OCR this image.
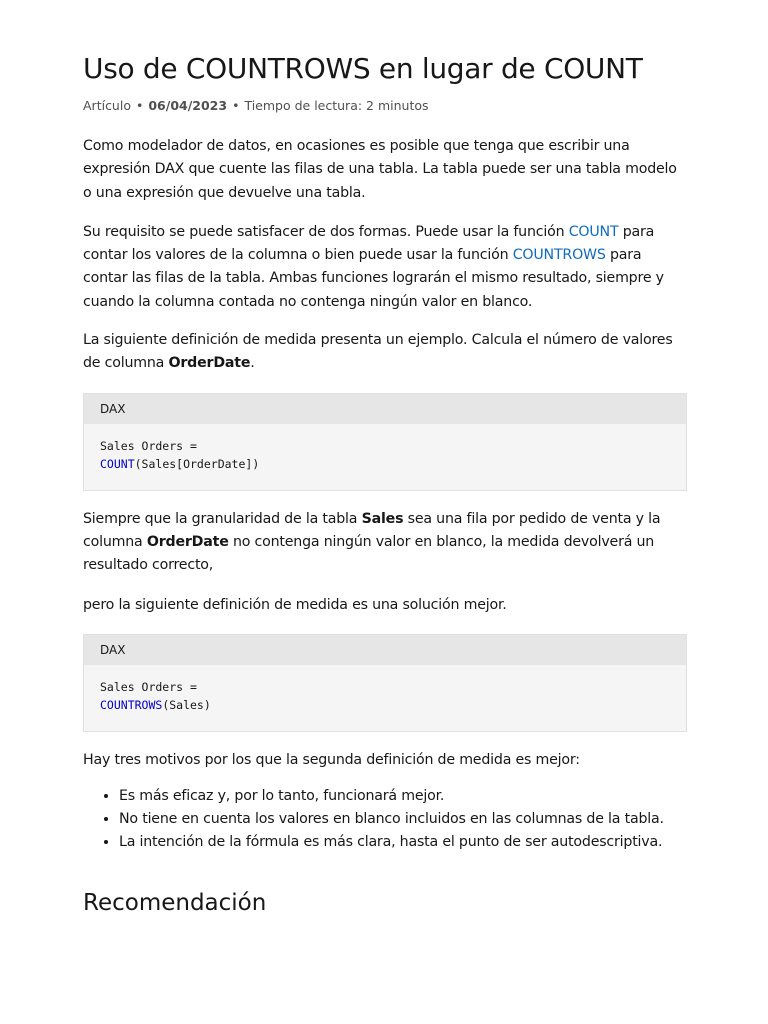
Uso de COUNTROWS en lugar de COUNT
Artículo • 06/04/2023 • Tiempo de lectura: 2 minutos

Como modelador de datos, en ocasiones es posible que tenga que escribir una expresión DAX que cuente las filas de una tabla. La tabla puede ser una tabla modelo o una expresión que devuelve una tabla.

Su requisito se puede satisfacer de dos formas. Puede usar la función COUNT para contar los valores de la columna o bien puede usar la función COUNTROWS para contar las filas de la tabla. Ambas funciones lograrán el mismo resultado, siempre y cuando la columna contada no contenga ningún valor en blanco.

La siguiente definición de medida presenta un ejemplo. Calcula el número de valores de columna OrderDate.

DAX
Sales Orders =
COUNT(Sales[OrderDate])

Siempre que la granularidad de la tabla Sales sea una fila por pedido de venta y la columna OrderDate no contenga ningún valor en blanco, la medida devolverá un resultado correcto,

pero la siguiente definición de medida es una solución mejor.

DAX
Sales Orders =
COUNTROWS(Sales)

Hay tres motivos por los que la segunda definición de medida es mejor:

• Es más eficaz y, por lo tanto, funcionará mejor.
• No tiene en cuenta los valores en blanco incluidos en las columnas de la tabla.
• La intención de la fórmula es más clara, hasta el punto de ser autodescriptiva.
Recomendación
